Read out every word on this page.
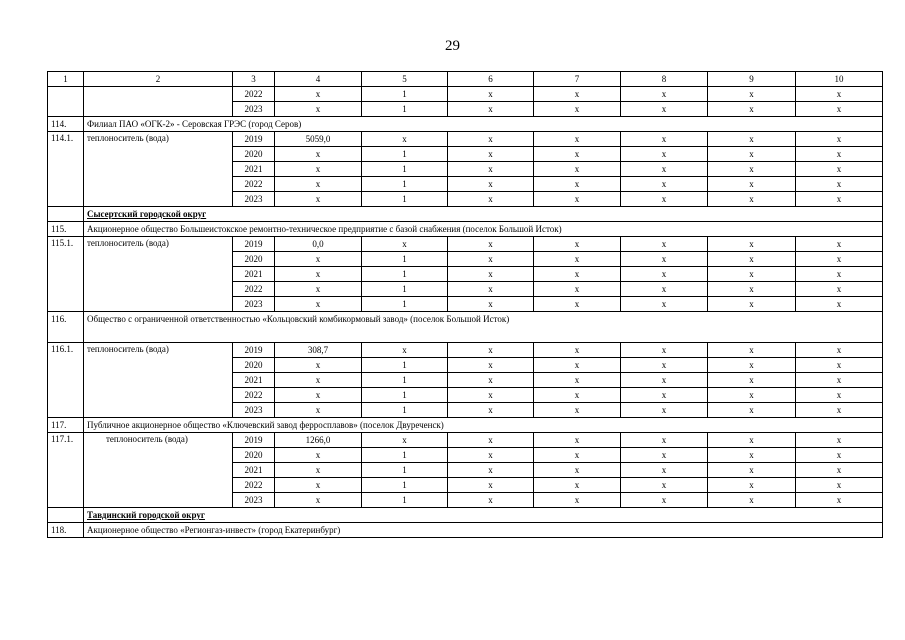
29
1	2	3	4	5	6	7	8	9	10
		2022	x	1	x	x	x	x	x
		2023	x	1	x	x	x	x	x
114.	Филиал ПАО «ОГК-2» - Серовская ГРЭС (город Серов)								
114.1.	теплоноситель (вода)	2019	5059,0	x	x	x	x	x	x
		2020	x	1	x	x	x	x	x
		2021	x	1	x	x	x	x	x
		2022	x	1	x	x	x	x	x
		2023	x	1	x	x	x	x	x
	Сысертский городской округ								
115.	Акционерное общество Большеистокское ремонтно-техническое предприятие с базой снабжения (поселок Большой Исток)								
115.1.	теплоноситель (вода)	2019	0,0	x	x	x	x	x	x
		2020	x	1	x	x	x	x	x
		2021	x	1	x	x	x	x	x
		2022	x	1	x	x	x	x	x
		2023	x	1	x	x	x	x	x
116.	Общество с ограниченной ответственностью «Кольцовский комбикормовый завод» (поселок Большой Исток)								
116.1.	теплоноситель (вода)	2019	308,7	x	x	x	x	x	x
		2020	x	1	x	x	x	x	x
		2021	x	1	x	x	x	x	x
		2022	x	1	x	x	x	x	x
		2023	x	1	x	x	x	x	x
117.	Публичное акционерное общество «Ключевский завод ферросплавов» (поселок Двуреченск)								
117.1.	теплоноситель (вода)	2019	1266,0	x	x	x	x	x	x
		2020	x	1	x	x	x	x	x
		2021	x	1	x	x	x	x	x
		2022	x	1	x	x	x	x	x
		2023	x	1	x	x	x	x	x
	Тавдинский городской округ								
118.	Акционерное общество «Регионгаз-инвест» (город Екатеринбург)								
